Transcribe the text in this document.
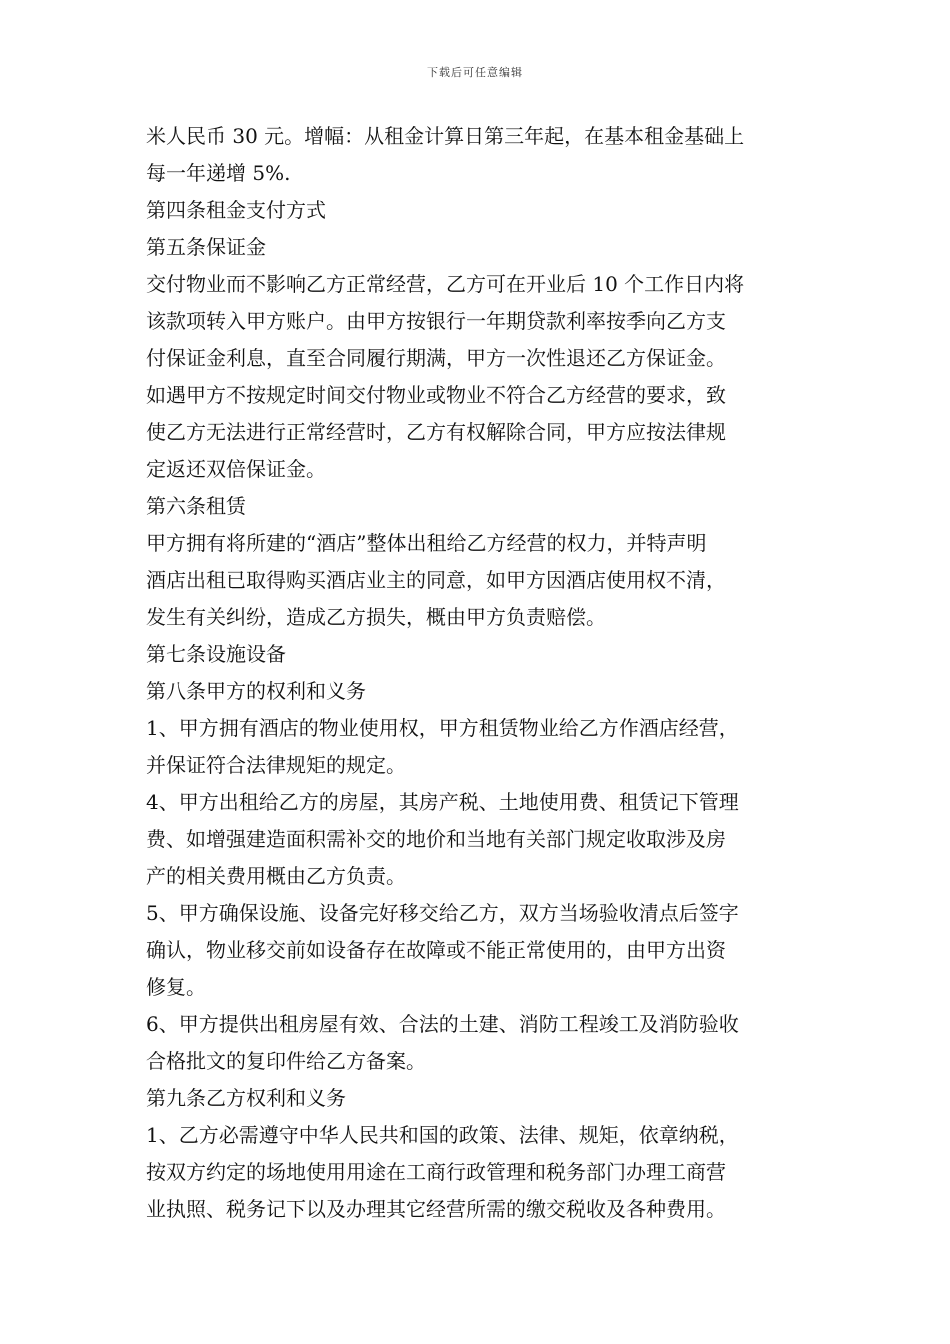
下载后可任意编辑
米人民币 30 元。增幅：从租金计算日第三年起，在基本租金基础上
每一年递增 5%.
第四条租金支付方式
第五条保证金
交付物业而不影响乙方正常经营，乙方可在开业后 10 个工作日内将
该款项转入甲方账户。由甲方按银行一年期贷款利率按季向乙方支
付保证金利息，直至合同履行期满，甲方一次性退还乙方保证金。
如遇甲方不按规定时间交付物业或物业不符合乙方经营的要求，致
使乙方无法进行正常经营时，乙方有权解除合同，甲方应按法律规
定返还双倍保证金。
第六条租赁
甲方拥有将所建的“酒店”整体出租给乙方经营的权力，并特声明
酒店出租已取得购买酒店业主的同意，如甲方因酒店使用权不清，
发生有关纠纷，造成乙方损失，概由甲方负责赔偿。
第七条设施设备
第八条甲方的权利和义务
1、甲方拥有酒店的物业使用权，甲方租赁物业给乙方作酒店经营，
并保证符合法律规矩的规定。
4、甲方出租给乙方的房屋，其房产税、土地使用费、租赁记下管理
费、如增强建造面积需补交的地价和当地有关部门规定收取涉及房
产的相关费用概由乙方负责。
5、甲方确保设施、设备完好移交给乙方，双方当场验收清点后签字
确认，物业移交前如设备存在故障或不能正常使用的，由甲方出资
修复。
6、甲方提供出租房屋有效、合法的土建、消防工程竣工及消防验收
合格批文的复印件给乙方备案。
第九条乙方权利和义务
1、乙方必需遵守中华人民共和国的政策、法律、规矩，依章纳税，
按双方约定的场地使用用途在工商行政管理和税务部门办理工商营
业执照、税务记下以及办理其它经营所需的缴交税收及各种费用。
